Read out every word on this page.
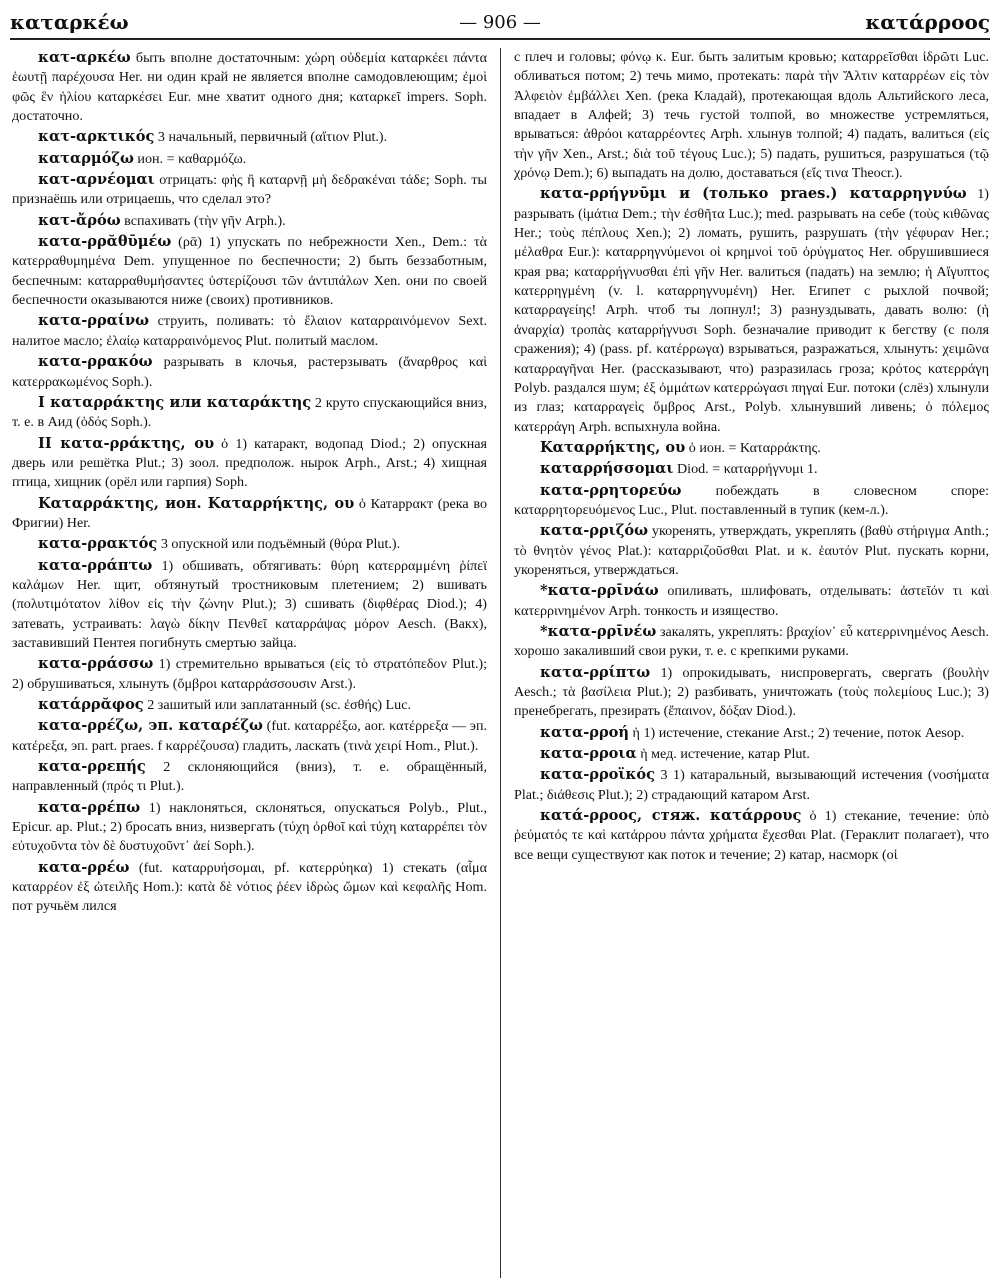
καταρκέω	— 906 —	κατάρροος

κατ-αρκέω быть вполне достаточным: χώρη οὐδεμία καταρκέει πάντα ἑωυτῇ παρέχουσα Her. ни один край не является вполне самодовлеющим; ἐμοὶ φῶς ἓν ἡλίου καταρκέσει Eur. мне хватит одного дня; καταρκεῖ impers. Soph. достаточно.

κατ-αρκτικός 3 начальный, первичный (αἴτιον Plut.).

καταρμόζω ион. = καθαρμόζω.

κατ-αρνέομαι отрицать: φὴς ἢ καταρνῇ μὴ δεδρακέναι τάδε; Soph. ты признаёшь или отрицаешь, что сделал это?

κατ-ἄρόω вспахивать (τὴν γῆν Arph.).

κατα-ρρᾰθῡμέω (ρᾱ) 1) упускать по небрежности Xen., Dem.: τὰ κατερραθυμημένα Dem. упущенное по беспечности; 2) быть беззаботным, беспечным: καταρραθυμήσαντες ὑστερίζουσι τῶν ἀντιπάλων Xen. они по своей беспечности оказываются ниже (своих) противников.

κατα-ρραίνω струить, поливать: τὸ ἔλαιον καταρραινόμενον Sext. налитое масло; ἐλαίῳ καταρραινόμενος Plut. политый маслом.

κατα-ρρακόω разрывать в клочья, растерзывать (ἄναρθρος καὶ κατερρακωμένος Soph.).

I καταρράκτης или καταράκτης 2 круто спускающийся вниз, т. е. в Аид (ὁδός Soph.).

II κατα-ρράκτης, ου ὁ 1) катаракт, водопад Diod.; 2) опускная дверь или решётка Plut.; 3) зоол. предполож. нырок Arph., Arst.; 4) хищная птица, хищник (орёл или гарпия) Soph.

Καταρράκτης, ион. Καταρρήκτης, ου ὁ Катаррακт (река во Фригии) Her.

κατα-ρρακτός 3 опускной или подъёмный (θύρα Plut.).

κατα-ρράπτω 1) обшивать, обтягивать: θύρη κατερραμμένη ῥίπεϊ καλάμων Her. щит, обтянутый тростниковым плетением; 2) вшивать (πολυτιμότατον λίθον εἰς τὴν ζώνην Plut.); 3) сшивать (διφθέρας Diod.); 4) затевать, устраивать: λαγὼ δίκην Πενθεῖ καταρράψας μόρον Aesch. (Вакх), заставивший Пентея погибнуть смертью зайца.

κατα-ρράσσω 1) стремительно врываться (εἰς τὸ στρατόπεδον Plut.); 2) обрушиваться, хлынуть (ὄμβροι καταρράσσουσιν Arst.).

κατάρρᾰφος 2 зашитый или заплатанный (sc. ἐσθής) Luc.

κατα-ρρέζω, эп. καταρέζω (fut. καταρρέξω, aor. κατέρρεξα — эп. κατέρεξα, эп. part. praes. f καρρέζουσα) гладить, ласкать (τινὰ χειρί Hom., Plut.).

κατα-ρρεπής 2 склоняющийся (вниз), т. е. обращённый, направленный (πρός τι Plut.).

κατα-ρρέπω 1) наклоняться, склоняться, опускаться Polyb., Plut., Epicur. ap. Plut.; 2) бросать вниз, низвергать (τύχη ὀρθοῖ καὶ τύχη καταρρέπει τὸν εὐτυχοῦντα τὸν δὲ δυστυχοῦντ᾽ ἀεί Soph.).

κατα-ρρέω (fut. καταρρυήσομαι, pf. κατερρύηκα) 1) стекать (αἷμα καταρρέον ἐξ ὠτειλῆς Hom.): κατὰ δὲ νότιος ῥέεν ἱδρὼς ὤμων καὶ κεφαλῆς Hom. пот ручьём лился

с плеч и головы; φόνῳ κ. Eur. быть залитым кровью; καταρρεῖσθαι ἱδρῶτι Luc. обливаться потом; 2) течь мимо, протекать: παρὰ τὴν Ἄλτιν καταρρέων εἰς τὸν Ἀλφειὸν ἐμβάλλει Xen. (река Кладай), протекающая вдоль Альтийского леса, впадает в Алфей; 3) течь густой толпой, во множестве устремляться, врываться: ἀθρόοι καταρρέοντες Arph. хлынув толпой; 4) падать, валиться (εἰς τὴν γῆν Xen., Arst.; διὰ τοῦ τέγους Luc.); 5) падать, рушиться, разрушаться (τῷ χρόνῳ Dem.); 6) выпадать на долю, доставаться (εἴς τινα Theocr.).

κατα-ρρήγνῡμι и (только praes.) καταρρηγνύω 1) разрывать (ἱμάτια Dem.; τὴν ἐσθῆτα Luc.); med. разрывать на себе (τοὺς κιθῶνας Her.; τοὺς πέπλους Xen.); 2) ломать, рушить, разрушать (τὴν γέφυραν Her.; μέλαθρα Eur.): καταρρηγνύμενοι οἱ κρημνοὶ τοῦ ὀρύγματος Her. обрушившиеся края рва; καταρρήγνυσθαι ἐπὶ γῆν Her. валиться (падать) на землю; ἡ Αἴγυπτος κατερρηγμένη (v. l. καταρρηγνυμένη) Her. Египет с рыхлой почвой; καταρραγείης! Arph. чтоб ты лопнул!; 3) разнуздывать, давать волю: (ἡ ἀναρχία) τροπὰς καταρρήγνυσι Soph. безначалие приводит к бегству (с поля сражения); 4) (pass. pf. κατέρρωγα) взрываться, разражаться, хлынуть: χειμῶνα καταρραγῆναι Her. (рассказывают, что) разразилась гроза; κρότος κατερράγη Polyb. раздался шум; ἐξ ὀμμάτων κατερρώγασι πηγαί Eur. потоки (слёз) хлынули из глаз; καταρραγεὶς ὄμβρος Arst., Polyb. хлынувший ливень; ὁ πόλεμος κατερράγη Arph. вспыхнула война.

Καταρρήκτης, ου ὁ ион. = Καταρράκτης.

καταρρήσσομαι Diod. = καταρρήγνυμι 1.

κατα-ρρητορεύω побеждать в словесном споре: καταρρητορευόμενος Luc., Plut. поставленный в тупик (кем-л.).

κατα-ρριζόω укоренять, утверждать, укреплять (βαθὺ στήριγμα Anth.; τὸ θνητὸν γένος Plat.): καταρριζοῦσθαι Plat. и κ. ἑαυτόν Plut. пускать корни, укореняться, утверждаться.

*κατα-ρρῑνάω опиливать, шлифовать, отделывать: ἀστεῖόν τι καὶ κατερρινημένον Arph. тонкость и изящество.

*κατα-ρρῑνέω закалять, укреплять: βραχίον᾽ εὖ κατερρινημένος Aesch. хорошо закаливший свои руки, т. е. с крепкими руками.

κατα-ρρίπτω 1) опрокидывать, ниспровергать, свергать (βουλὴν Aesch.; τὰ βασίλεια Plut.); 2) разбивать, уничтожать (τοὺς πολεμίους Luc.); 3) пренебрегать, презирать (ἔπαινον, δόξαν Diod.).

κατα-ρροή ἡ 1) истечение, стекание Arst.; 2) течение, поток Aesop.

κατα-ρροια ἡ мед. истечение, катар Plut.

κατα-ρροϊκός 3 1) катаральный, вызывающий истечения (νοσήματα Plat.; διάθεσις Plut.); 2) страдающий катаром Arst.

κατά-ρροος, стяж. κατάρρους ὁ 1) стекание, течение: ὑπὸ ῥεύματός τε καὶ κατάρρου πάντα χρήματα ἔχεσθαι Plat. (Гераклит полагает), что все вещи существуют как поток и течение; 2) катар, насморк (οἱ
